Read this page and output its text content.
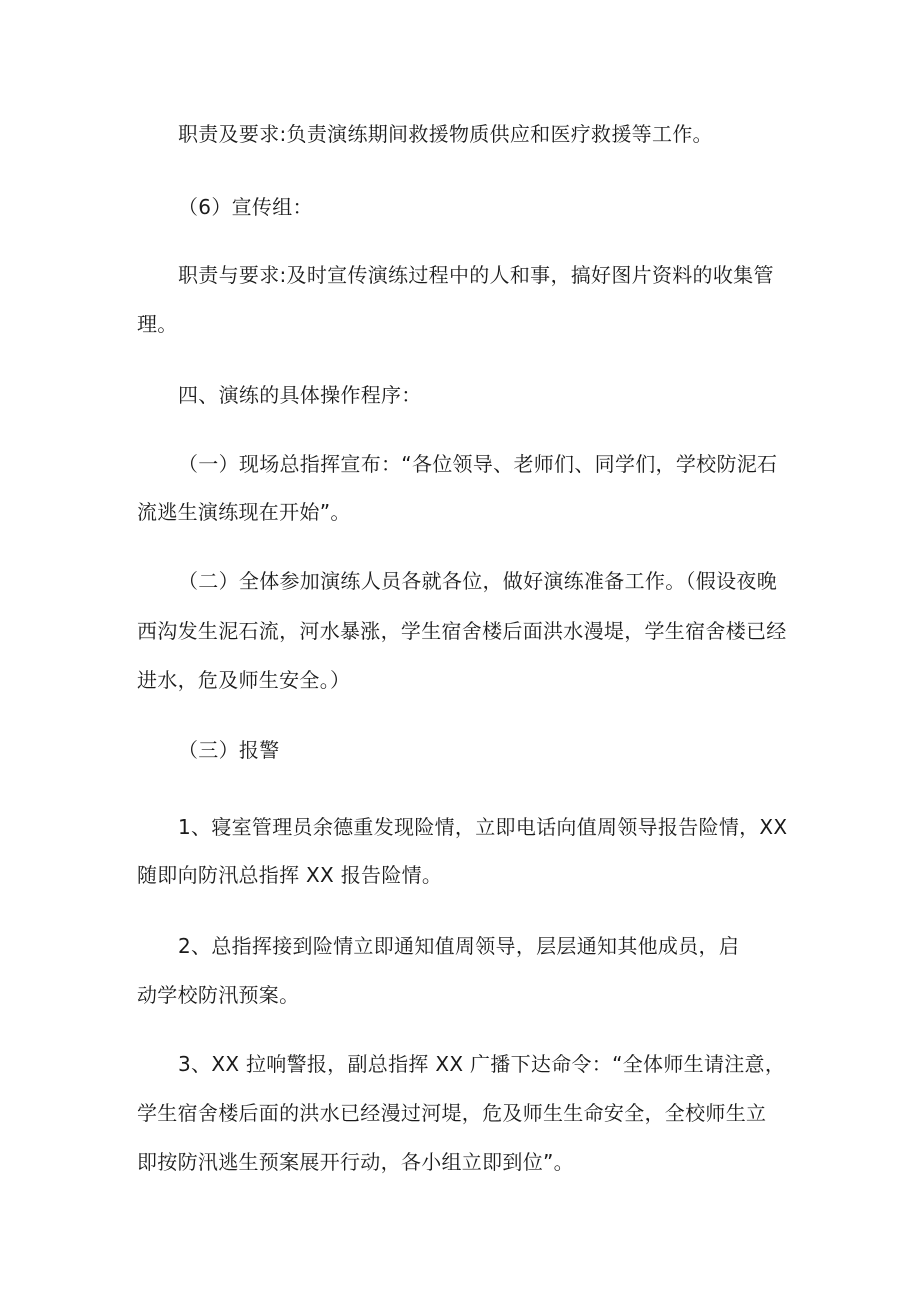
职责及要求:负责演练期间救援物质供应和医疗救援等工作。
（6）宣传组：
职责与要求:及时宣传演练过程中的人和事，搞好图片资料的收集管
理。
四、演练的具体操作程序：
（一）现场总指挥宣布：“各位领导、老师们、同学们，学校防泥石
流逃生演练现在开始”。
（二）全体参加演练人员各就各位，做好演练准备工作。（假设夜晚
西沟发生泥石流，河水暴涨，学生宿舍楼后面洪水漫堤，学生宿舍楼已经
进水，危及师生安全。）
（三）报警
1、寝室管理员余德重发现险情，立即电话向值周领导报告险情，XX
随即向防汛总指挥 XX 报告险情。
2、总指挥接到险情立即通知值周领导，层层通知其他成员，启
动学校防汛预案。
3、XX 拉响警报，副总指挥 XX 广播下达命令：“全体师生请注意，
学生宿舍楼后面的洪水已经漫过河堤，危及师生生命安全，全校师生立
即按防汛逃生预案展开行动，各小组立即到位”。
